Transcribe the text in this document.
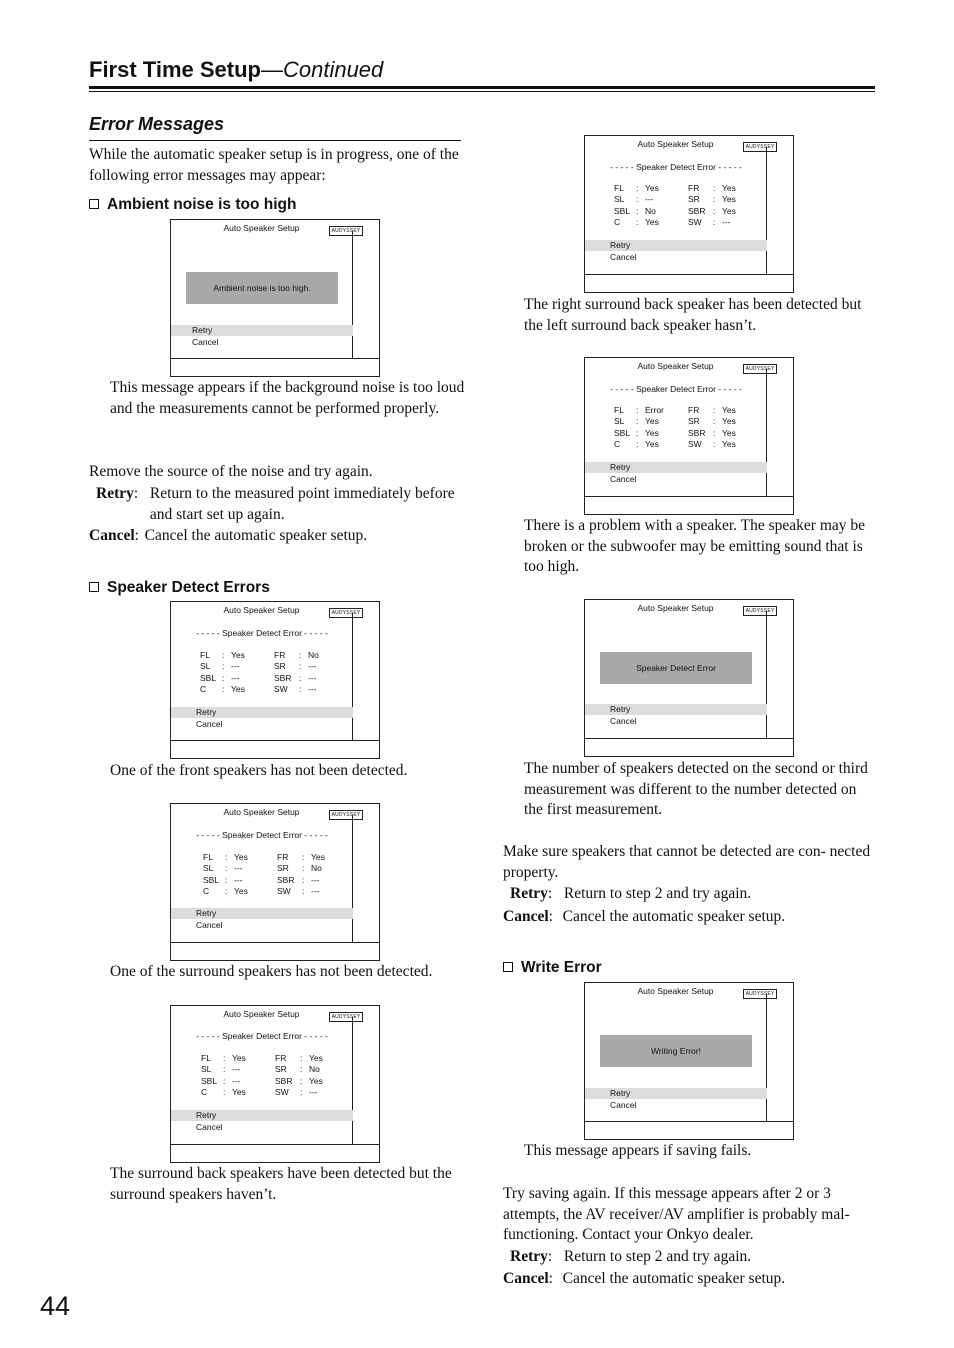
First Time Setup—Continued
Error Messages
While the automatic speaker setup is in progress, one of the following error messages may appear:
Ambient noise is too high
Auto Speaker Setup	AUDYSSEY
Ambient noise is too high.
Retry
Cancel
This message appears if the background noise is too loud and the measurements cannot be performed properly.
Remove the source of the noise and try again.
Retry : Return to the measured point immediately before and start set up again.
Cancel : Cancel the automatic speaker setup.
Speaker Detect Errors
Auto Speaker Setup	AUDYSSEY
- - - - - Speaker Detect Error - - - - -
FL	: Yes	FR	: No
SL	: ---	SR	: ---
SBL : ---	SBR : ---
C	: Yes	SW	: ---
Retry
Cancel
One of the front speakers has not been detected.
Auto Speaker Setup	AUDYSSEY
- - - - - Speaker Detect Error - - - - -
FL	: Yes	FR	: Yes
SL	: ---	SR	: No
SBL : ---	SBR : ---
C	: Yes	SW	: ---
Retry
Cancel
One of the surround speakers has not been detected.
Auto Speaker Setup	AUDYSSEY
- - - - - Speaker Detect Error - - - - -
FL	: Yes	FR	: Yes
SL	: ---	SR	: No
SBL : ---	SBR : Yes
C	: Yes	SW	: ---
Retry
Cancel
The surround back speakers have been detected but the surround speakers haven’t.
Auto Speaker Setup	AUDYSSEY
- - - - - Speaker Detect Error - - - - -
FL	: Yes	FR	: Yes
SL	: ---	SR	: Yes
SBL : No	SBR : Yes
C	: Yes	SW	: ---
Retry
Cancel
The right surround back speaker has been detected but the left surround back speaker hasn’t.
Auto Speaker Setup	AUDYSSEY
- - - - - Speaker Detect Error - - - - -
FL	: Error	FR	: Yes
SL	: Yes	SR	: Yes
SBL : Yes	SBR : Yes
C	: Yes	SW	: Yes
Retry
Cancel
There is a problem with a speaker. The speaker may be broken or the subwoofer may be emitting sound that is too high.
Auto Speaker Setup	AUDYSSEY
Speaker Detect Error
Retry
Cancel
The number of speakers detected on the second or third measurement was different to the number detected on the first measurement.
Make sure speakers that cannot be detected are con- nected property.
Retry : Return to step 2 and try again.
Cancel : Cancel the automatic speaker setup.
Write Error
Auto Speaker Setup	AUDYSSEY
Writing Error!
Retry
Cancel
This message appears if saving fails.
Try saving again. If this message appears after 2 or 3 attempts, the AV receiver/AV amplifier is probably mal- functioning. Contact your Onkyo dealer.
Retry : Return to step 2 and try again.
Cancel : Cancel the automatic speaker setup.
44
